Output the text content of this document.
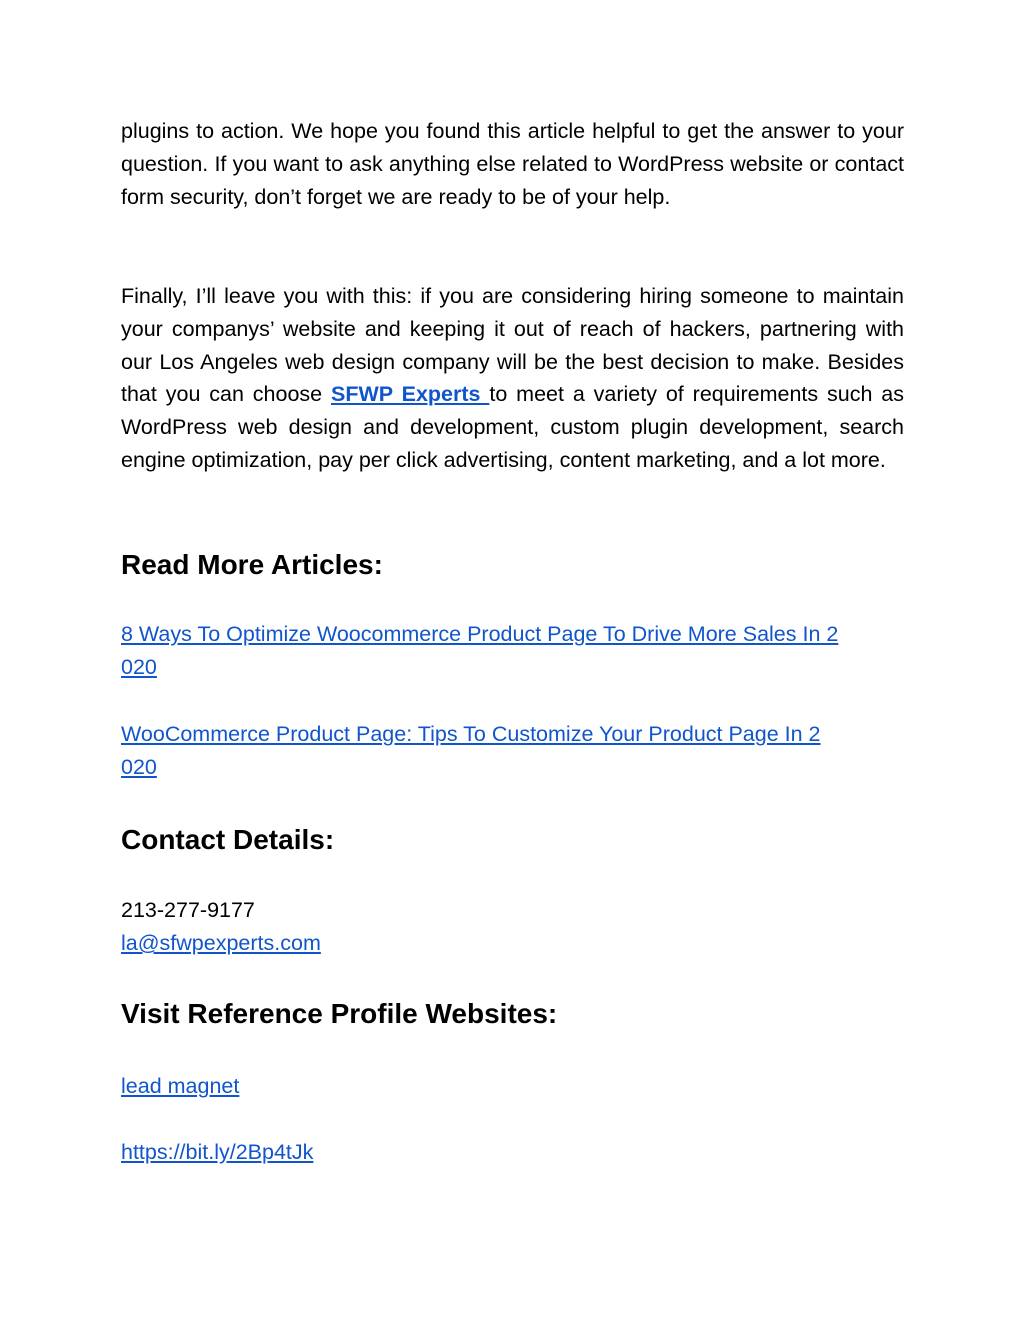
plugins to action. We hope you found this article helpful to get the answer to your question. If you want to ask anything else related to WordPress website or contact form security, don’t forget we are ready to be of your help.

Finally, I’ll leave you with this: if you are considering hiring someone to maintain your companys’ website and keeping it out of reach of hackers, partnering with our Los Angeles web design company will be the best decision to make. Besides that you can choose SFWP Experts to meet a variety of requirements such as WordPress web design and development, custom plugin development, search engine optimization, pay per click advertising, content marketing, and a lot more.

Read More Articles:

8 Ways To Optimize Woocommerce Product Page To Drive More Sales In 2
020

WooCommerce Product Page: Tips To Customize Your Product Page In 2
020

Contact Details:

213-277-9177
la@sfwpexperts.com

Visit Reference Profile Websites:
lead magnet
https://bit.ly/2Bp4tJk
